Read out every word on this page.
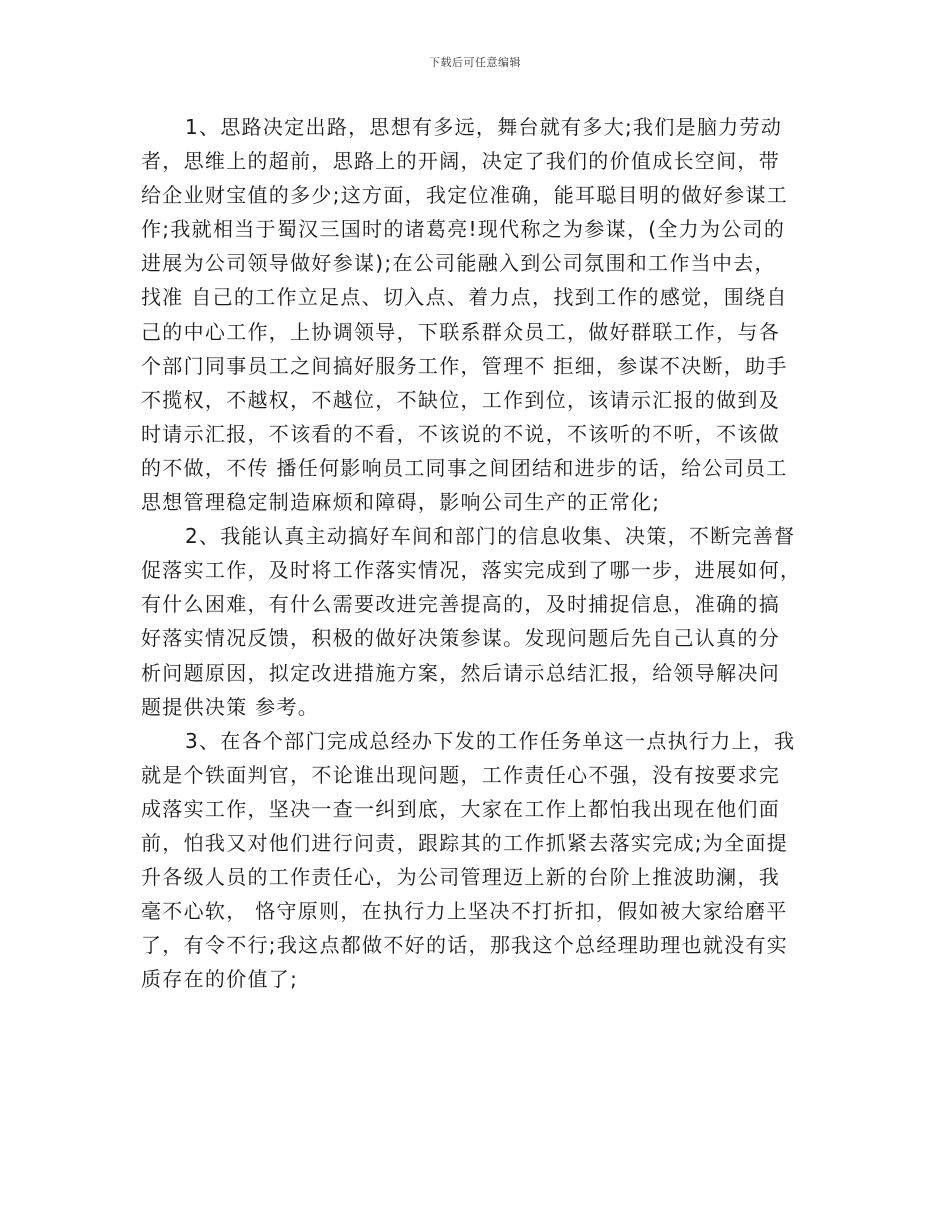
下载后可任意编辑
1、思路决定出路，思想有多远，舞台就有多大;我们是脑力劳动
者，思维上的超前，思路上的开阔，决定了我们的价值成长空间，带
给企业财宝值的多少;这方面，我定位准确，能耳聪目明的做好参谋工
作;我就相当于蜀汉三国时的诸葛亮!现代称之为参谋，(全力为公司的
进展为公司领导做好参谋);在公司能融入到公司氛围和工作当中去，
找准 自己的工作立足点、切入点、着力点，找到工作的感觉，围绕自
己的中心工作，上协调领导，下联系群众员工，做好群联工作，与各
个部门同事员工之间搞好服务工作，管理不 拒细，参谋不决断，助手
不揽权，不越权，不越位，不缺位，工作到位，该请示汇报的做到及
时请示汇报，不该看的不看，不该说的不说，不该听的不听，不该做
的不做，不传 播任何影响员工同事之间团结和进步的话，给公司员工
思想管理稳定制造麻烦和障碍，影响公司生产的正常化;
2、我能认真主动搞好车间和部门的信息收集、决策，不断完善督
促落实工作，及时将工作落实情况，落实完成到了哪一步，进展如何，
有什么困难，有什么需要改进完善提高的，及时捕捉信息，准确的搞
好落实情况反馈，积极的做好决策参谋。发现问题后先自己认真的分
析问题原因，拟定改进措施方案，然后请示总结汇报，给领导解决问
题提供决策 参考。
3、在各个部门完成总经办下发的工作任务单这一点执行力上，我
就是个铁面判官，不论谁出现问题，工作责任心不强，没有按要求完
成落实工作，坚决一查一纠到底，大家在工作上都怕我出现在他们面
前，怕我又对他们进行问责，跟踪其的工作抓紧去落实完成;为全面提
升各级人员的工作责任心，为公司管理迈上新的台阶上推波助澜，我
毫不心软， 恪守原则，在执行力上坚决不打折扣，假如被大家给磨平
了，有令不行;我这点都做不好的话，那我这个总经理助理也就没有实
质存在的价值了;
